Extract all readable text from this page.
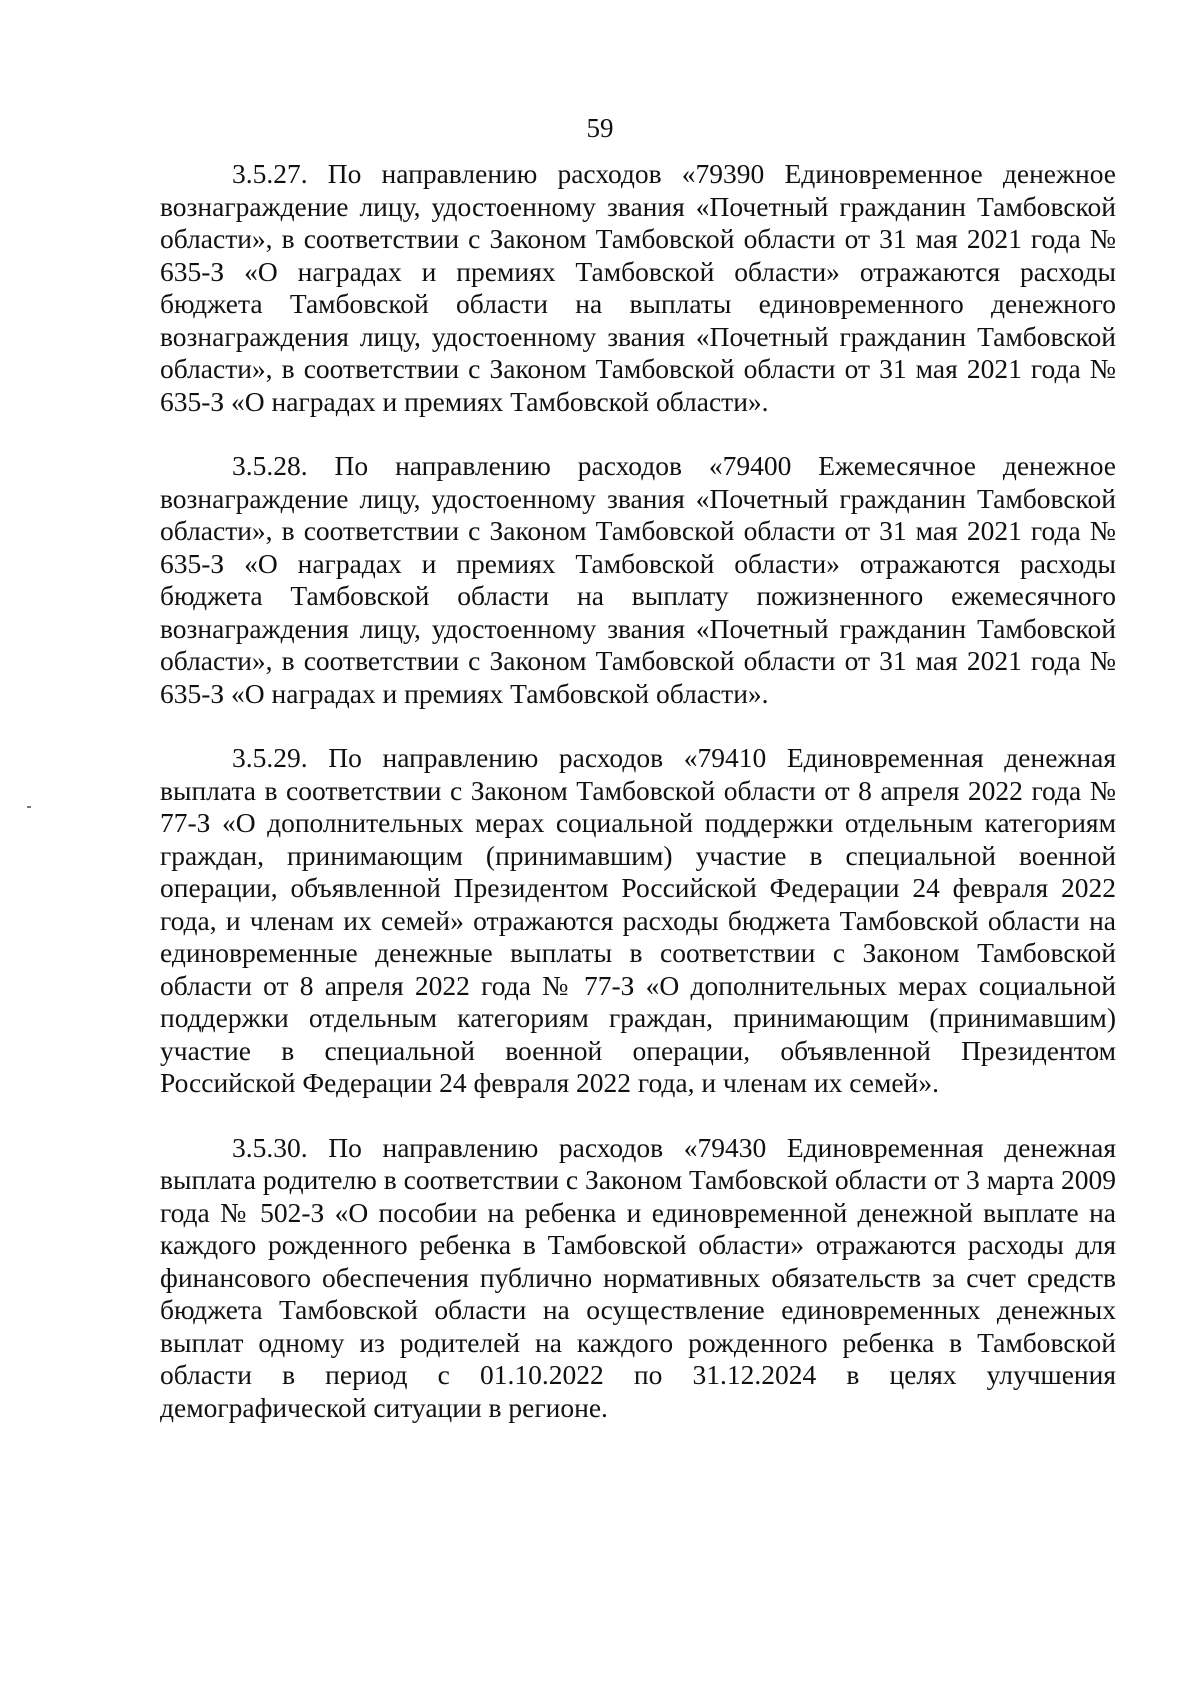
59

3.5.27. По направлению расходов «79390 Единовременное денежное вознаграждение лицу, удостоенному звания «Почетный гражданин Тамбовской области», в соответствии с Законом Тамбовской области от 31 мая 2021 года № 635-З «О наградах и премиях Тамбовской области» отражаются расходы бюджета Тамбовской области на выплаты единовременного денежного вознаграждения лицу, удостоенному звания «Почетный гражданин Тамбовской области», в соответствии с Законом Тамбовской области от 31 мая 2021 года № 635-З «О наградах и премиях Тамбовской области».

3.5.28. По направлению расходов «79400 Ежемесячное денежное вознаграждение лицу, удостоенному звания «Почетный гражданин Тамбовской области», в соответствии с Законом Тамбовской области от 31 мая 2021 года № 635-З «О наградах и премиях Тамбовской области» отражаются расходы бюджета Тамбовской области на выплату пожизненного ежемесячного вознаграждения лицу, удостоенному звания «Почетный гражданин Тамбовской области», в соответствии с Законом Тамбовской области от 31 мая 2021 года № 635-З «О наградах и премиях Тамбовской области».

3.5.29. По направлению расходов «79410 Единовременная денежная выплата в соответствии с Законом Тамбовской области от 8 апреля 2022 года № 77-З «О дополнительных мерах социальной поддержки отдельным категориям граждан, принимающим (принимавшим) участие в специальной военной операции, объявленной Президентом Российской Федерации 24 февраля 2022 года, и членам их семей» отражаются расходы бюджета Тамбовской области на единовременные денежные выплаты в соответствии с Законом Тамбовской области от 8 апреля 2022 года № 77-З «О дополнительных мерах социальной поддержки отдельным категориям граждан, принимающим (принимавшим) участие в специальной военной операции, объявленной Президентом Российской Федерации 24 февраля 2022 года, и членам их семей».

3.5.30. По направлению расходов «79430 Единовременная денежная выплата родителю в соответствии с Законом Тамбовской области от 3 марта 2009 года № 502-З «О пособии на ребенка и единовременной денежной выплате на каждого рожденного ребенка в Тамбовской области» отражаются расходы для финансового обеспечения публично нормативных обязательств за счет средств бюджета Тамбовской области на осуществление единовременных денежных выплат одному из родителей на каждого рожденного ребенка в Тамбовской области в период с 01.10.2022 по 31.12.2024 в целях улучшения демографической ситуации в регионе.
